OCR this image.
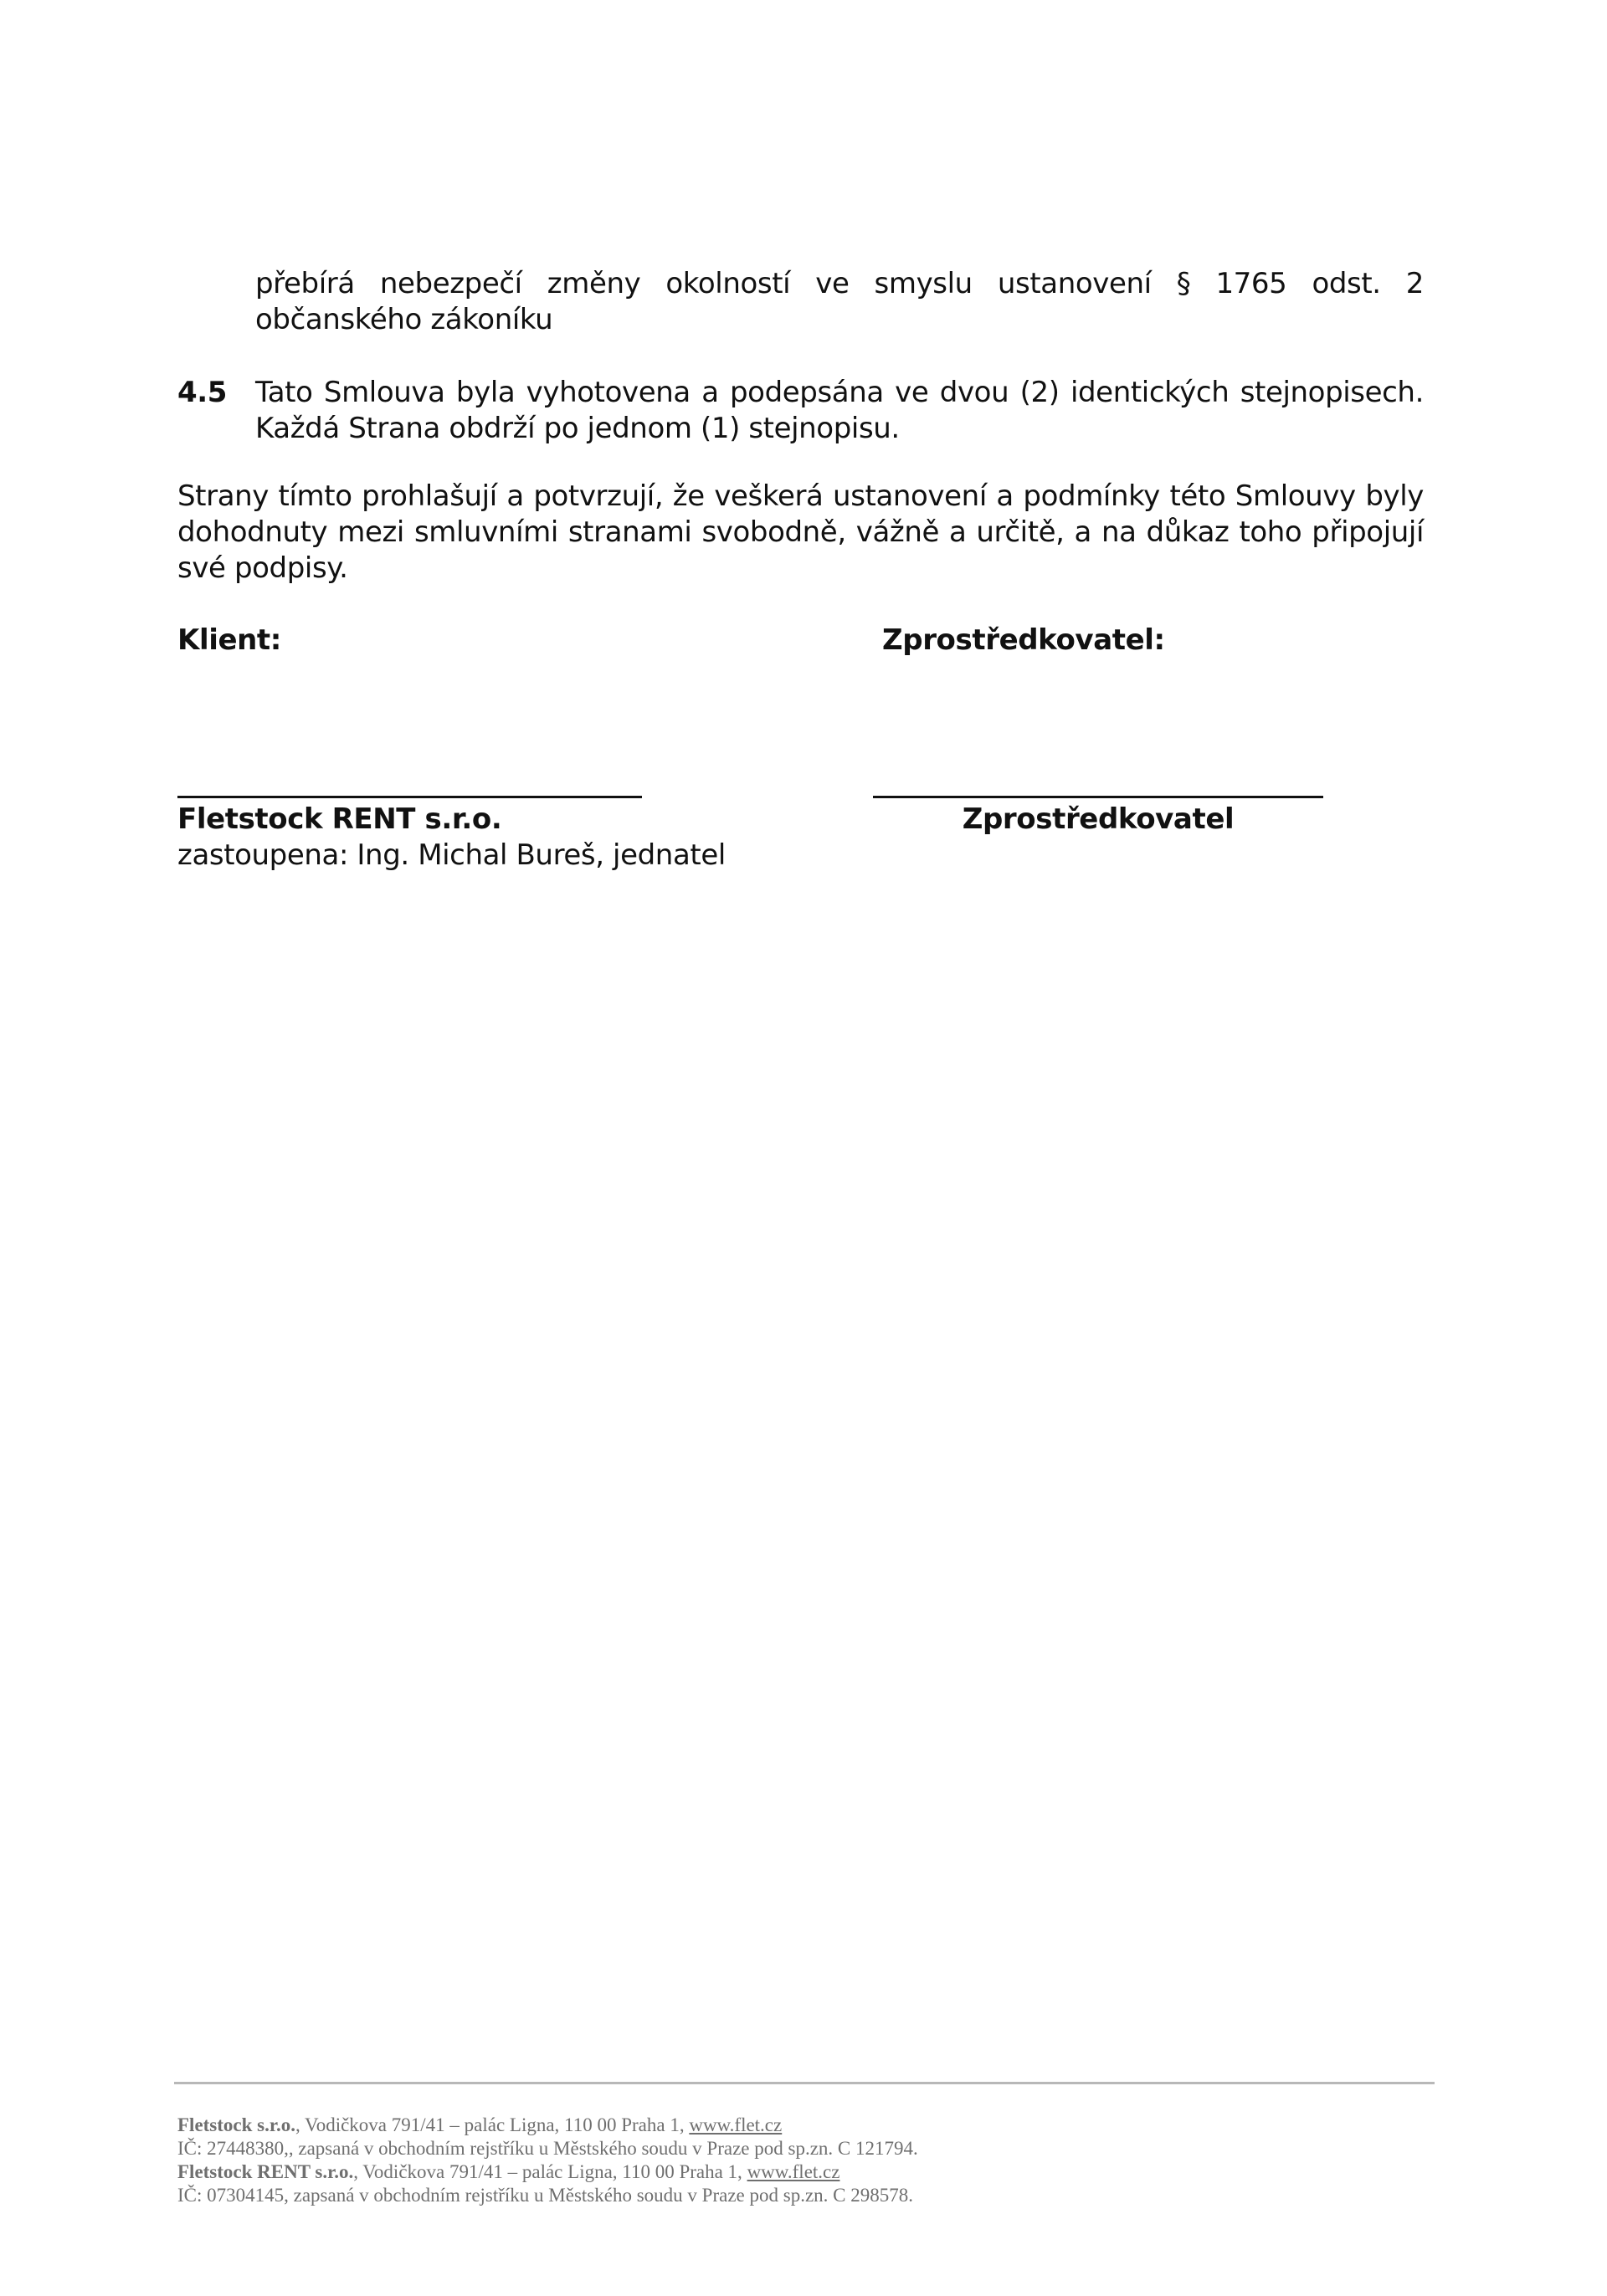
přebírá nebezpečí změny okolností ve smyslu ustanovení § 1765 odst. 2 občanského zákoníku
4.5 Tato Smlouva byla vyhotovena a podepsána ve dvou (2) identických stejnopisech. Každá Strana obdrží po jednom (1) stejnopisu.
Strany tímto prohlašují a potvrzují, že veškerá ustanovení a podmínky této Smlouvy byly dohodnuty mezi smluvními stranami svobodně, vážně a určitě, a na důkaz toho připojují své podpisy.
Klient:	Zprostředkovatel:
Fletstock RENT s.r.o.
zastoupena: Ing. Michal Bureš, jednatel
Zprostředkovatel
Fletstock s.r.o., Vodičkova 791/41 – palác Ligna, 110 00 Praha 1, www.flet.cz
IČ: 27448380,, zapsaná v obchodním rejstříku u Městského soudu v Praze pod sp.zn. C 121794.
Fletstock RENT s.r.o., Vodičkova 791/41 – palác Ligna, 110 00 Praha 1, www.flet.cz
IČ: 07304145, zapsaná v obchodním rejstříku u Městského soudu v Praze pod sp.zn. C 298578.
